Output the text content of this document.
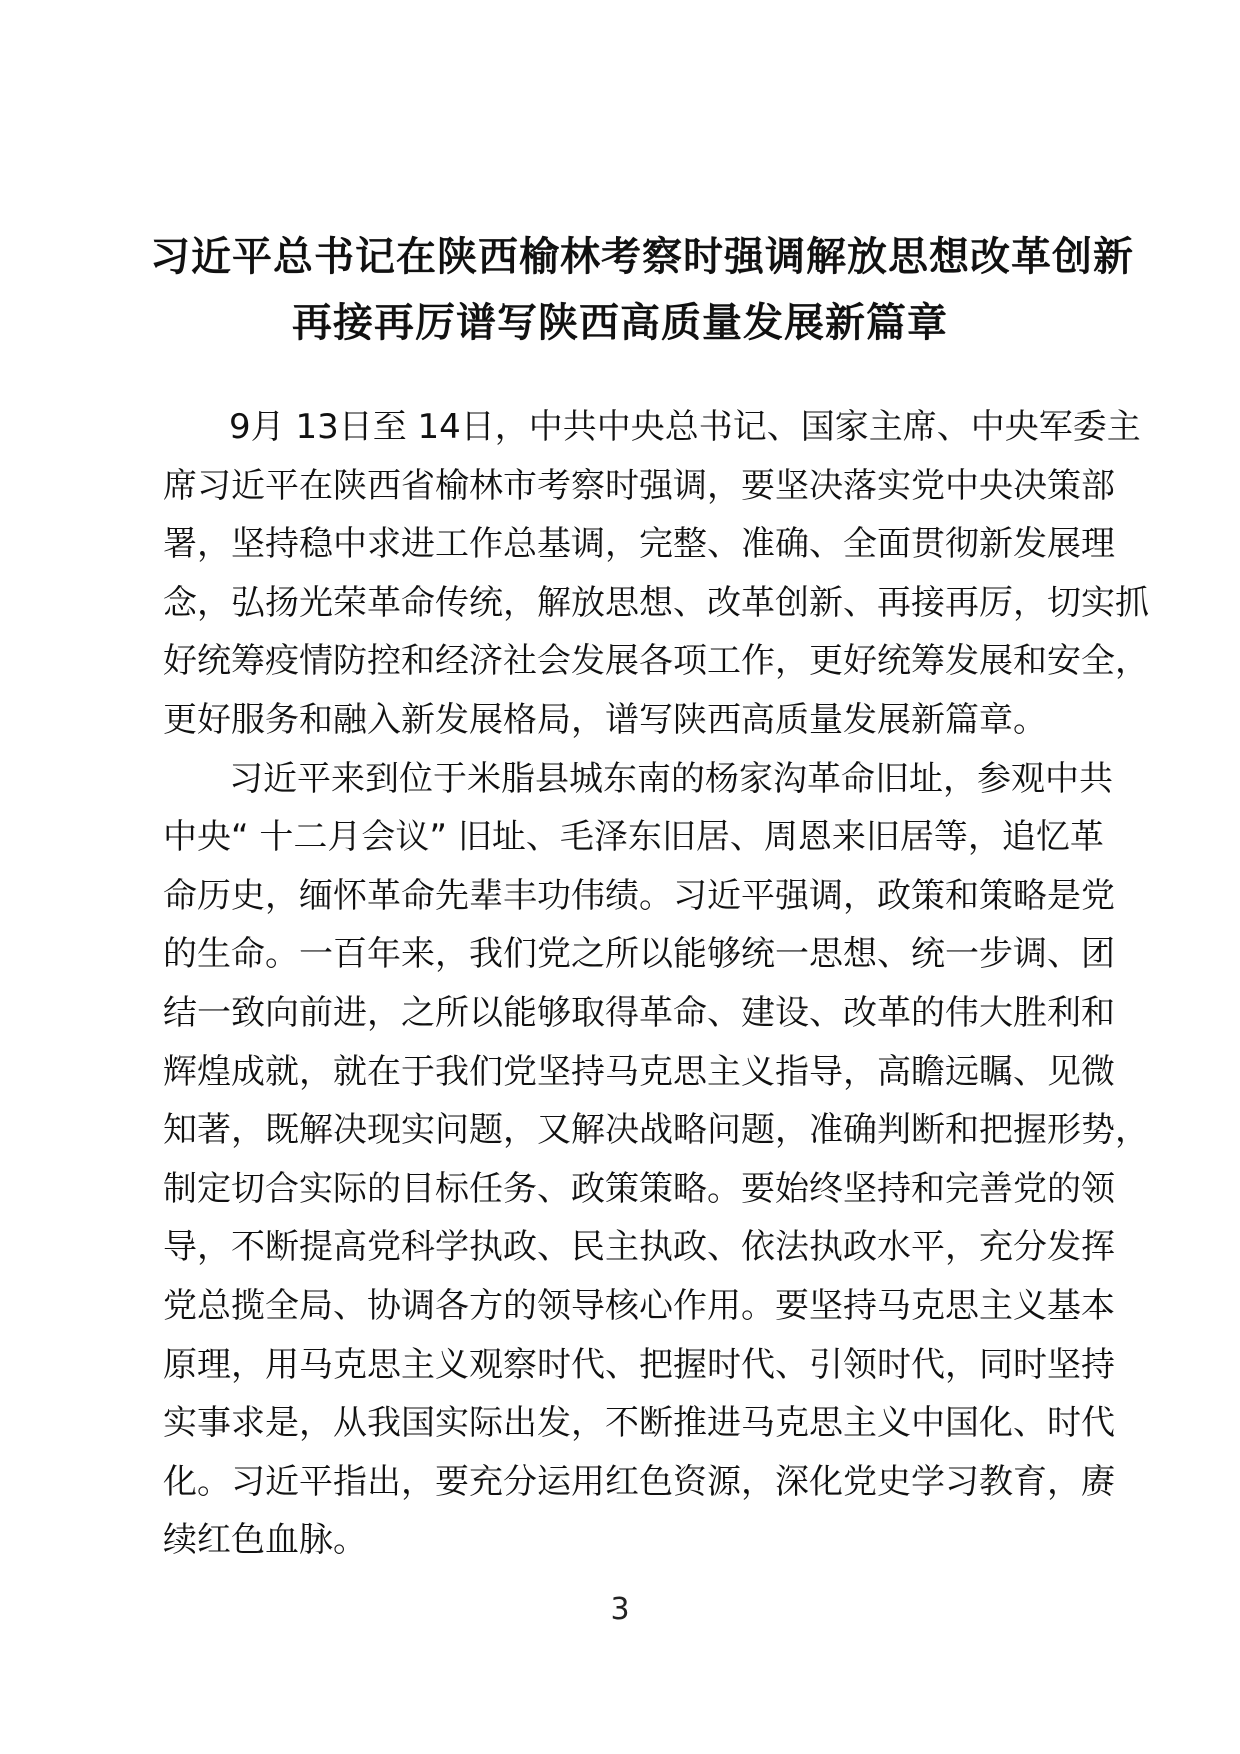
习近平总书记在陕西榆林考察时强调解放思想改革创新
再接再厉谱写陕西高质量发展新篇章
9月 13日至 14日，中共中央总书记、国家主席、中央军委主
席习近平在陕西省榆林市考察时强调，要坚决落实党中央决策部
署，坚持稳中求进工作总基调，完整、准确、全面贯彻新发展理
念，弘扬光荣革命传统，解放思想、改革创新、再接再厉，切实抓
好统筹疫情防控和经济社会发展各项工作，更好统筹发展和安全，
更好服务和融入新发展格局，谱写陕西高质量发展新篇章。
习近平来到位于米脂县城东南的杨家沟革命旧址，参观中共
中央“ 十二月会议” 旧址、毛泽东旧居、周恩来旧居等，追忆革
命历史，缅怀革命先辈丰功伟绩。习近平强调，政策和策略是党
的生命。一百年来，我们党之所以能够统一思想、统一步调、团
结一致向前进，之所以能够取得革命、建设、改革的伟大胜利和
辉煌成就，就在于我们党坚持马克思主义指导，高瞻远瞩、见微
知著，既解决现实问题，又解决战略问题，准确判断和把握形势，
制定切合实际的目标任务、政策策略。要始终坚持和完善党的领
导，不断提高党科学执政、民主执政、依法执政水平，充分发挥
党总揽全局、协调各方的领导核心作用。要坚持马克思主义基本
原理，用马克思主义观察时代、把握时代、引领时代，同时坚持
实事求是，从我国实际出发，不断推进马克思主义中国化、时代
化。习近平指出，要充分运用红色资源，深化党史学习教育，赓
续红色血脉。
3
